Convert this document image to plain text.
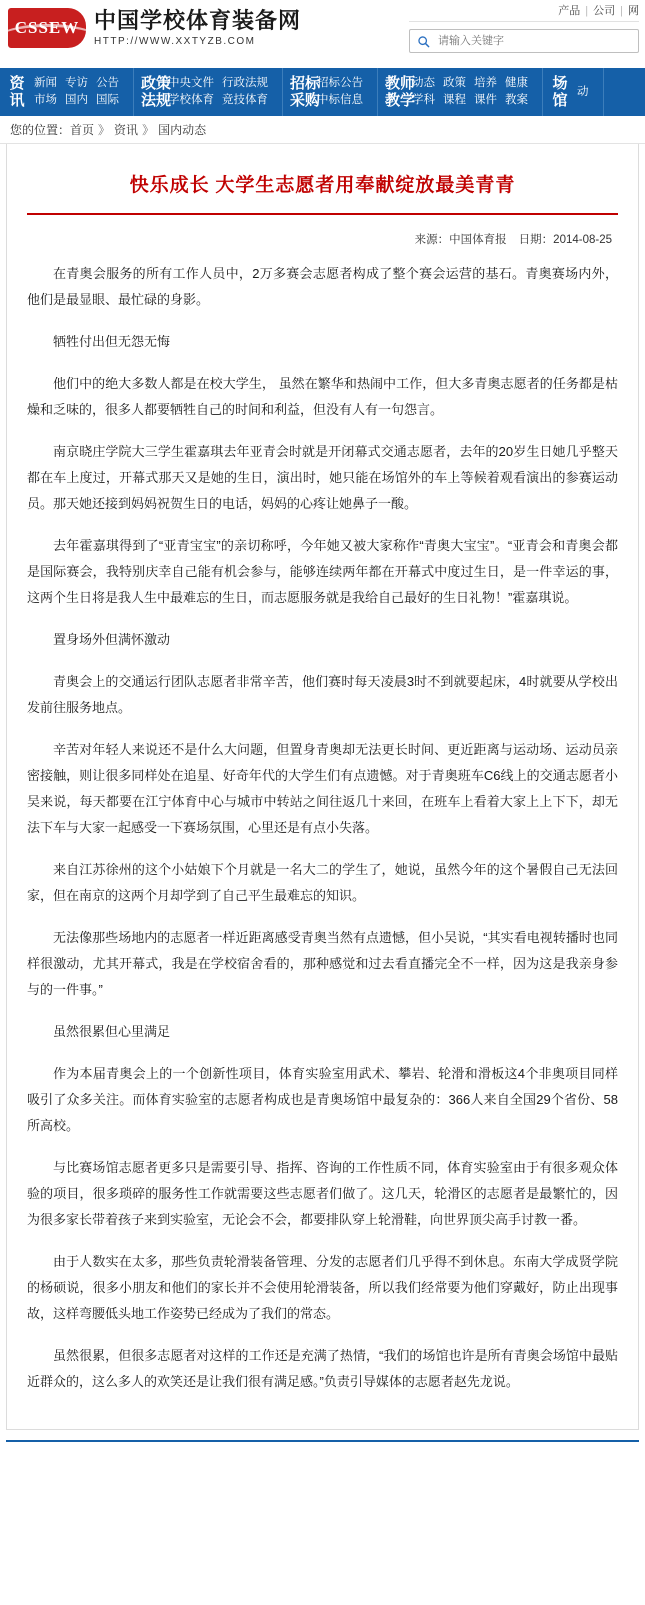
CSSEW 中国学校体育装备网
HTTP://WWW.XXTYZB.COM
产品 | 公司 | 网
请输入关键字
资
讯
新闻 专访 公告
市场 国内 国际
政策
法规
中央文件 行政法规
学校体育 竞技体育
招标
采购
招标公告
中标信息
教师
教学
动态 政策 培养 健康
学科 课程 课件 教案
场
馆
动
您的位置： 首页 》 资讯 》 国内动态
快乐成长 大学生志愿者用奉献绽放最美青青
来源：中国体育报 日期：2014-08-25

在青奥会服务的所有工作人员中，2万多赛会志愿者构成了整个赛会运营的基石。青奥赛场内外，他们是最显眼、最忙碌的身影。

牺牲付出但无怨无悔

他们中的绝大多数人都是在校大学生， 虽然在繁华和热闹中工作，但大多青奥志愿者的任务都是枯燥和乏味的，很多人都要牺牲自己的时间和利益，但没有人有一句怨言。

南京晓庄学院大三学生霍嘉琪去年亚青会时就是开闭幕式交通志愿者，去年的20岁生日她几乎整天都在车上度过，开幕式那天又是她的生日，演出时，她只能在场馆外的车上等候着观看演出的参赛运动员。那天她还接到妈妈祝贺生日的电话，妈妈的心疼让她鼻子一酸。

去年霍嘉琪得到了“亚青宝宝”的亲切称呼，今年她又被大家称作“青奥大宝宝”。“亚青会和青奥会都是国际赛会，我特别庆幸自己能有机会参与，能够连续两年都在开幕式中度过生日，是一件幸运的事，这两个生日将是我人生中最难忘的生日，而志愿服务就是我给自己最好的生日礼物！”霍嘉琪说。

置身场外但满怀激动

青奥会上的交通运行团队志愿者非常辛苦，他们赛时每天凌晨3时不到就要起床，4时就要从学校出发前往服务地点。

辛苦对年轻人来说还不是什么大问题，但置身青奥却无法更长时间、更近距离与运动场、运动员亲密接触，则让很多同样处在追星、好奇年代的大学生们有点遗憾。对于青奥班车C6线上的交通志愿者小吴来说，每天都要在江宁体育中心与城市中转站之间往返几十来回，在班车上看着大家上上下下，却无法下车与大家一起感受一下赛场氛围，心里还是有点小失落。

来自江苏徐州的这个小姑娘下个月就是一名大二的学生了，她说，虽然今年的这个暑假自己无法回家，但在南京的这两个月却学到了自己平生最难忘的知识。

无法像那些场地内的志愿者一样近距离感受青奥当然有点遗憾，但小吴说，“其实看电视转播时也同样很激动，尤其开幕式，我是在学校宿舍看的，那种感觉和过去看直播完全不一样，因为这是我亲身参与的一件事。”

虽然很累但心里满足

作为本届青奥会上的一个创新性项目，体育实验室用武术、攀岩、轮滑和滑板这4个非奥项目同样吸引了众多关注。而体育实验室的志愿者构成也是青奥场馆中最复杂的：366人来自全国29个省份、58所高校。

与比赛场馆志愿者更多只是需要引导、指挥、咨询的工作性质不同，体育实验室由于有很多观众体验的项目，很多琐碎的服务性工作就需要这些志愿者们做了。这几天，轮滑区的志愿者是最繁忙的，因为很多家长带着孩子来到实验室，无论会不会，都要排队穿上轮滑鞋，向世界顶尖高手讨教一番。

由于人数实在太多，那些负责轮滑装备管理、分发的志愿者们几乎得不到休息。东南大学成贤学院的杨硕说，很多小朋友和他们的家长并不会使用轮滑装备，所以我们经常要为他们穿戴好，防止出现事故，这样弯腰低头地工作姿势已经成为了我们的常态。

虽然很累，但很多志愿者对这样的工作还是充满了热情，“我们的场馆也许是所有青奥会场馆中最贴近群众的，这么多人的欢笑还是让我们很有满足感。”负责引导媒体的志愿者赵先龙说。
